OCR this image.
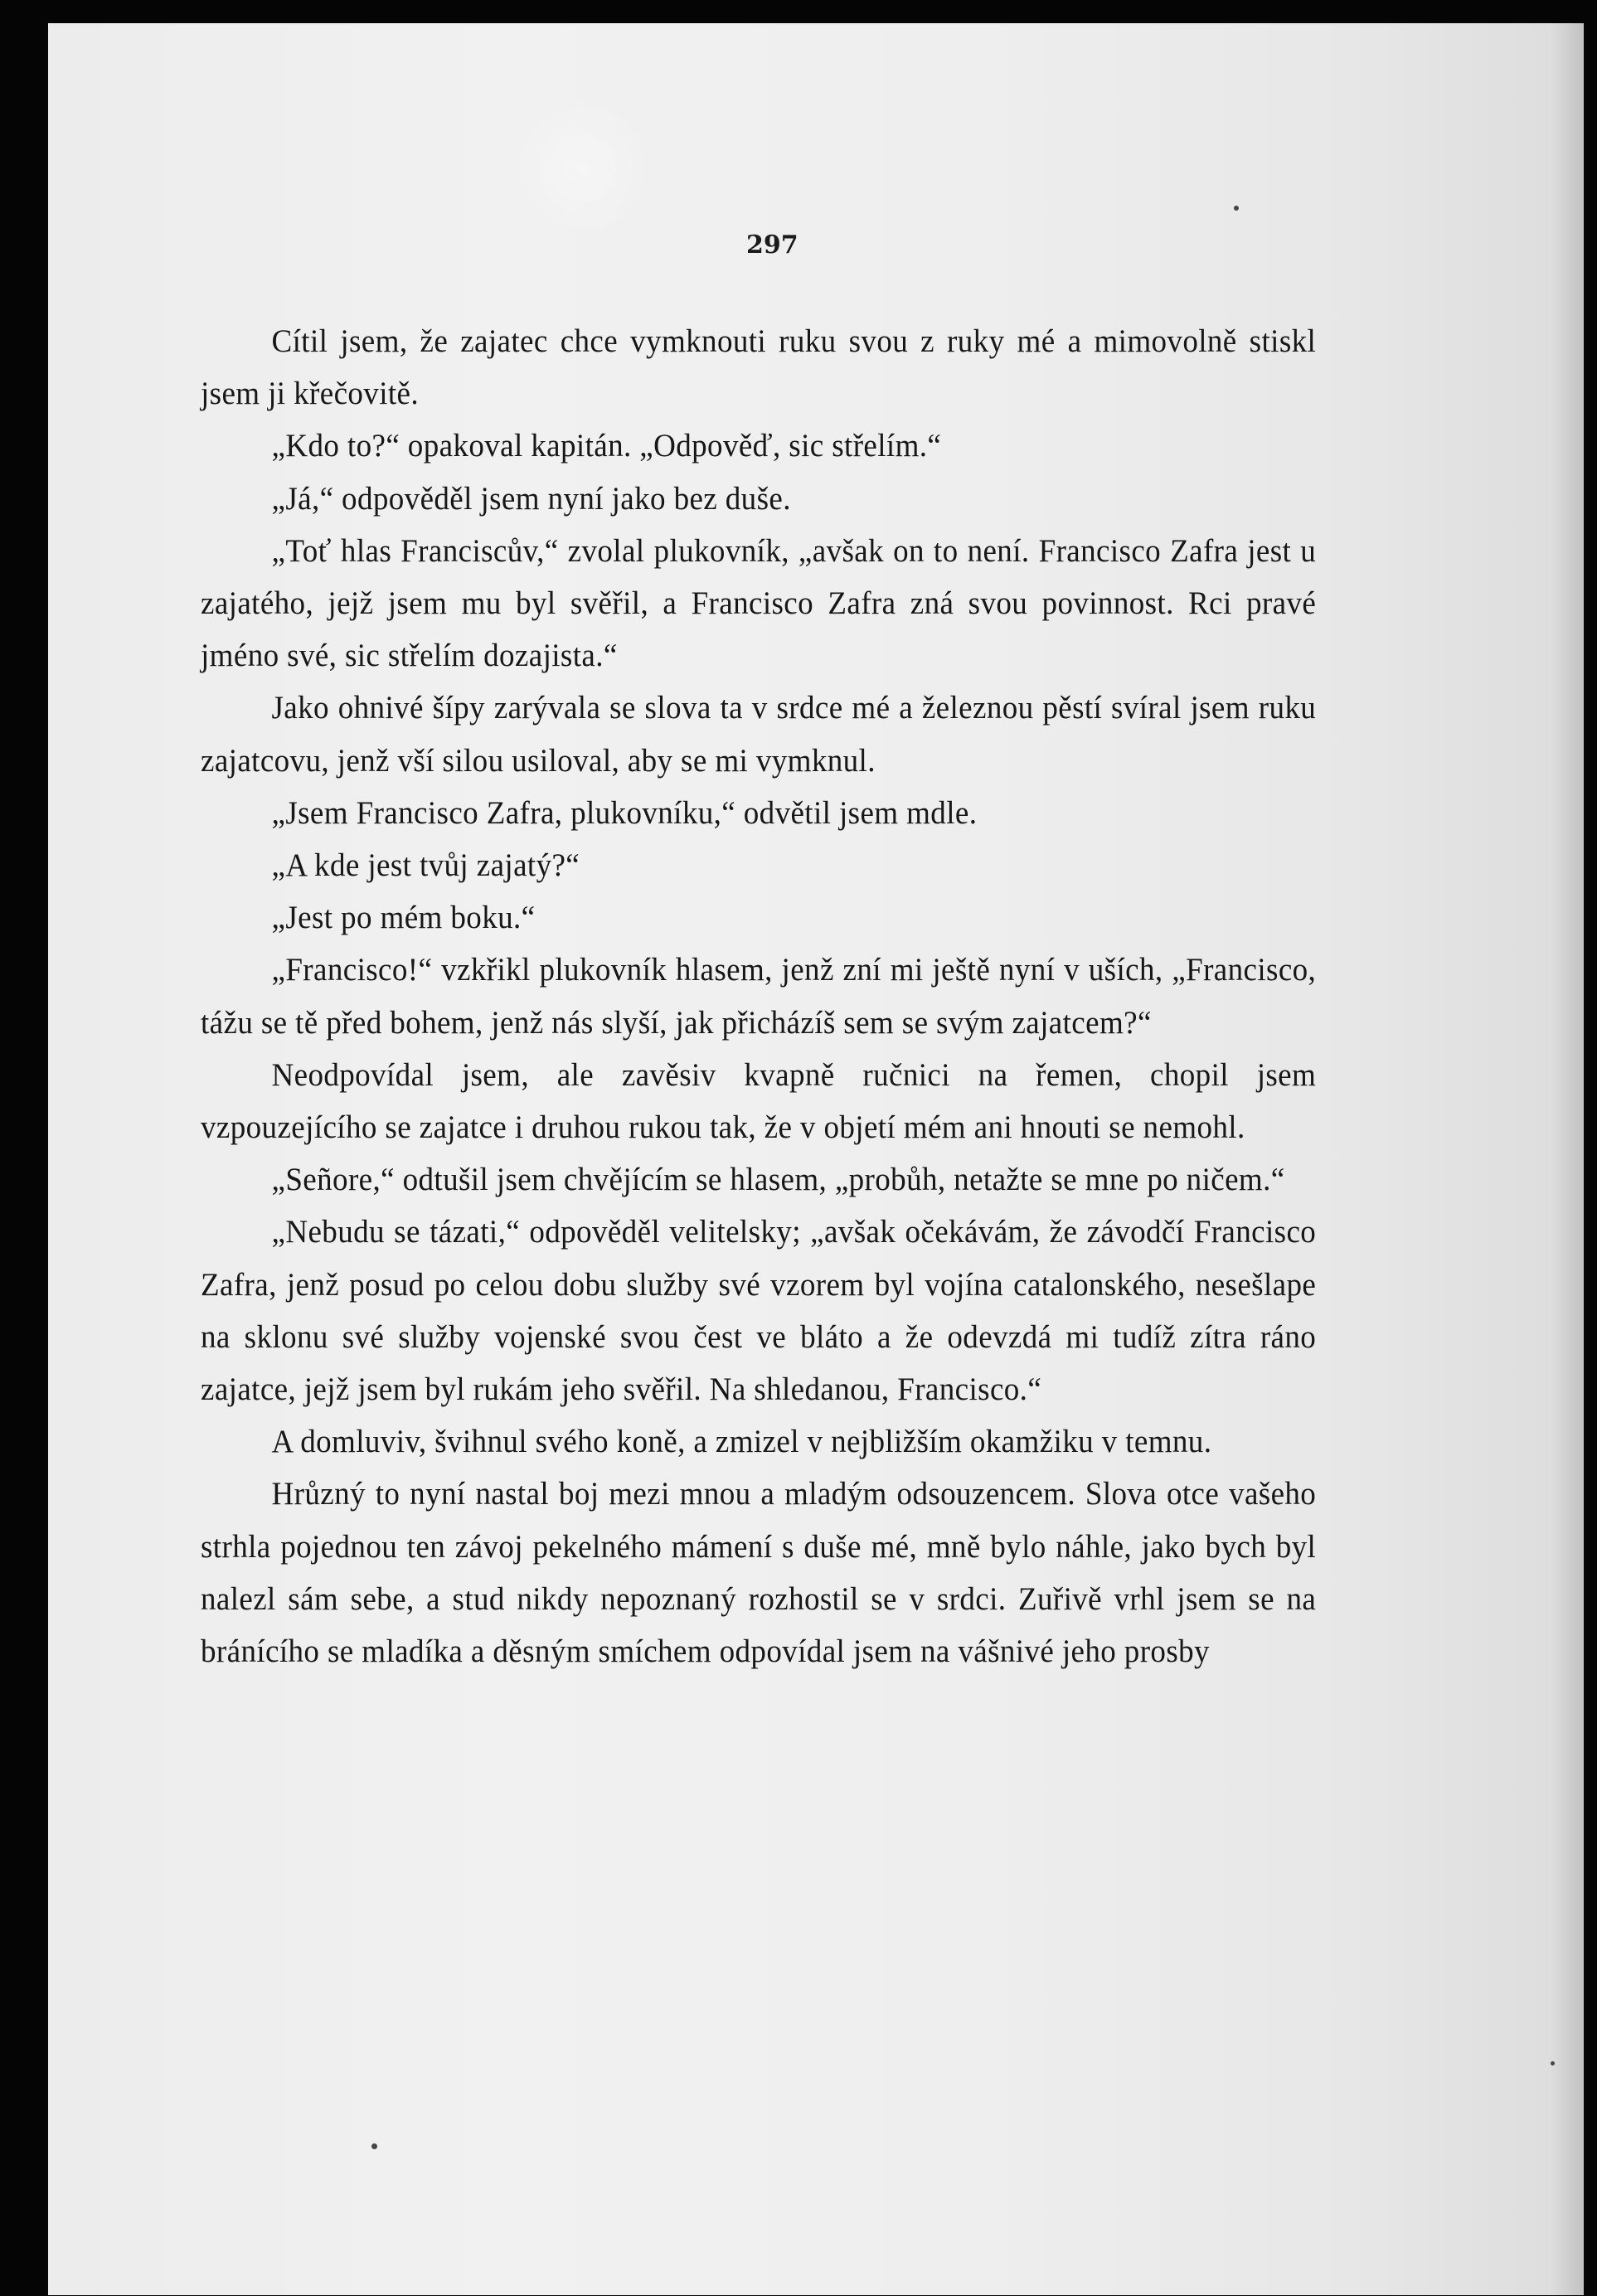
297

Cítil jsem, že zajatec chce vymknouti ruku svou z ruky mé a mimovolně stiskl jsem ji křečovitě.

„Kdo to?“ opakoval kapitán. „Odpověď, sic střelím.“

„Já,“ odpověděl jsem nyní jako bez duše.

„Toť hlas Franciscův,“ zvolal plukovník, „avšak on to není. Francisco Zafra jest u zajatého, jejž jsem mu byl svěřil, a Francisco Zafra zná svou povinnost. Rci pravé jméno své, sic střelím dozajista.“

Jako ohnivé šípy zarývala se slova ta v srdce mé a železnou pěstí svíral jsem ruku zajatcovu, jenž vší silou usiloval, aby se mi vymknul.

„Jsem Francisco Zafra, plukovníku,“ odvětil jsem mdle.

„A kde jest tvůj zajatý?“

„Jest po mém boku.“

„Francisco!“ vzkřikl plukovník hlasem, jenž zní mi ještě nyní v uších, „Francisco, tážu se tě před bohem, jenž nás slyší, jak přicházíš sem se svým zajatcem?“

Neodpovídal jsem, ale zavěsiv kvapně ručnici na řemen, chopil jsem vzpouzejícího se zajatce i druhou rukou tak, že v objetí mém ani hnouti se nemohl.

„Señore,“ odtušil jsem chvějícím se hlasem, „probůh, netažte se mne po ničem.“

„Nebudu se tázati,“ odpověděl velitelsky; „avšak očekávám, že závodčí Francisco Zafra, jenž posud po celou dobu služby své vzorem byl vojína catalonského, nesešlape na sklonu své služby vojenské svou čest ve bláto a že odevzdá mi tudíž zítra ráno zajatce, jejž jsem byl rukám jeho svěřil. Na shledanou, Francisco.“

A domluviv, švihnul svého koně, a zmizel v nejbližším okamžiku v temnu.

Hrůzný to nyní nastal boj mezi mnou a mladým odsouzencem. Slova otce vašeho strhla pojednou ten závoj pekelného mámení s duše mé, mně bylo náhle, jako bych byl nalezl sám sebe, a stud nikdy nepoznaný rozhostil se v srdci. Zuřivě vrhl jsem se na bránícího se mladíka a děsným smíchem odpovídal jsem na vášnivé jeho prosby
